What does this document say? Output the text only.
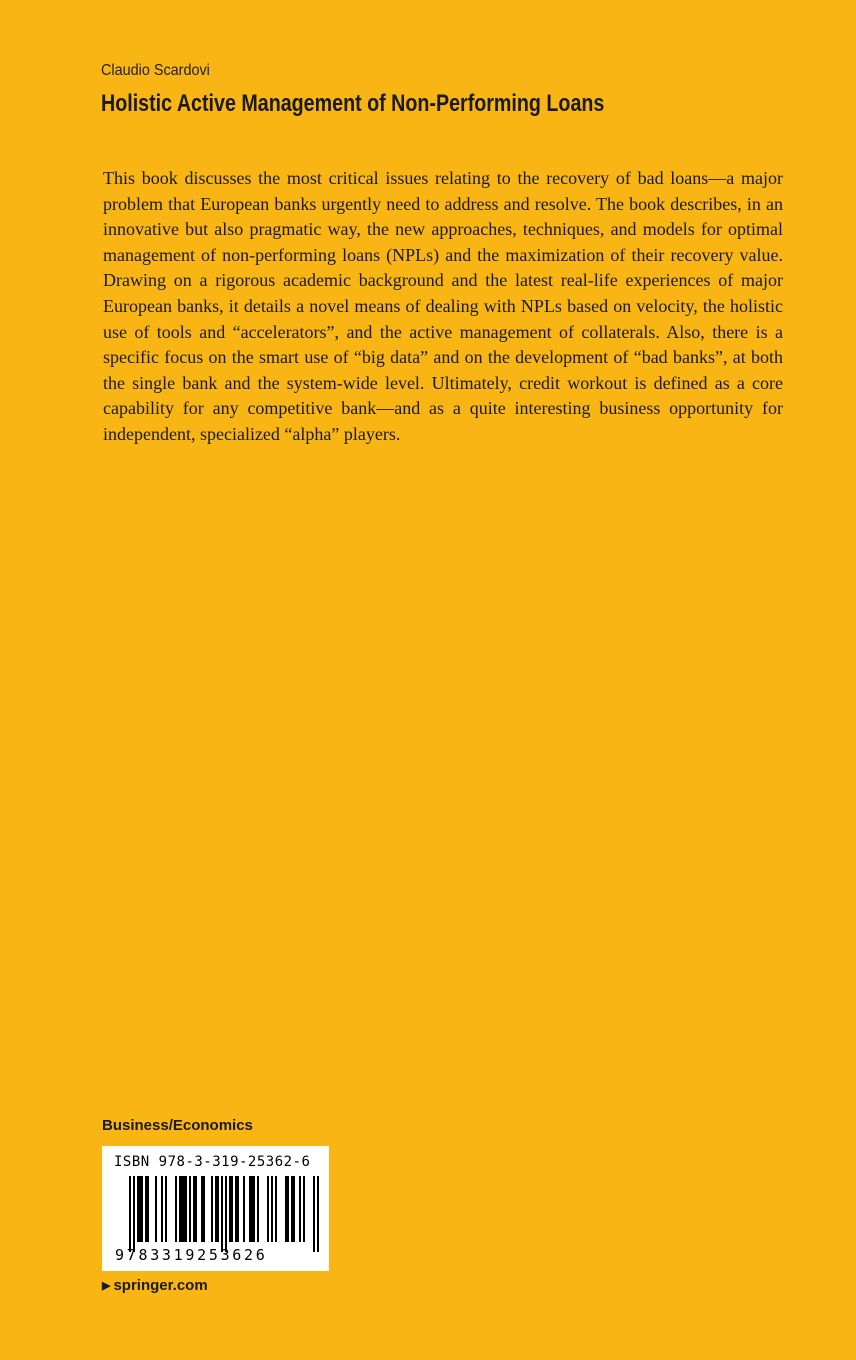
Claudio Scardovi
Holistic Active Management of Non-Performing Loans

This book discusses the most critical issues relating to the recovery of bad loans—a major problem that European banks urgently need to address and resolve. The book describes, in an innovative but also pragmatic way, the new approaches, techniques, and models for optimal management of non-performing loans (NPLs) and the maximization of their recovery value. Drawing on a rigorous academic background and the latest real-life experiences of major European banks, it details a novel means of dealing with NPLs based on velocity, the holistic use of tools and “accelerators”, and the active management of collaterals. Also, there is a specific focus on the smart use of “big data” and on the development of “bad banks”, at both the single bank and the system-wide level. Ultimately, credit workout is defined as a core capability for any competitive bank—and as a quite interesting business opportunity for independent, specialized “alpha” players.

Business/Economics
ISBN 978-3-319-25362-6
9783319253626
▶ springer.com
